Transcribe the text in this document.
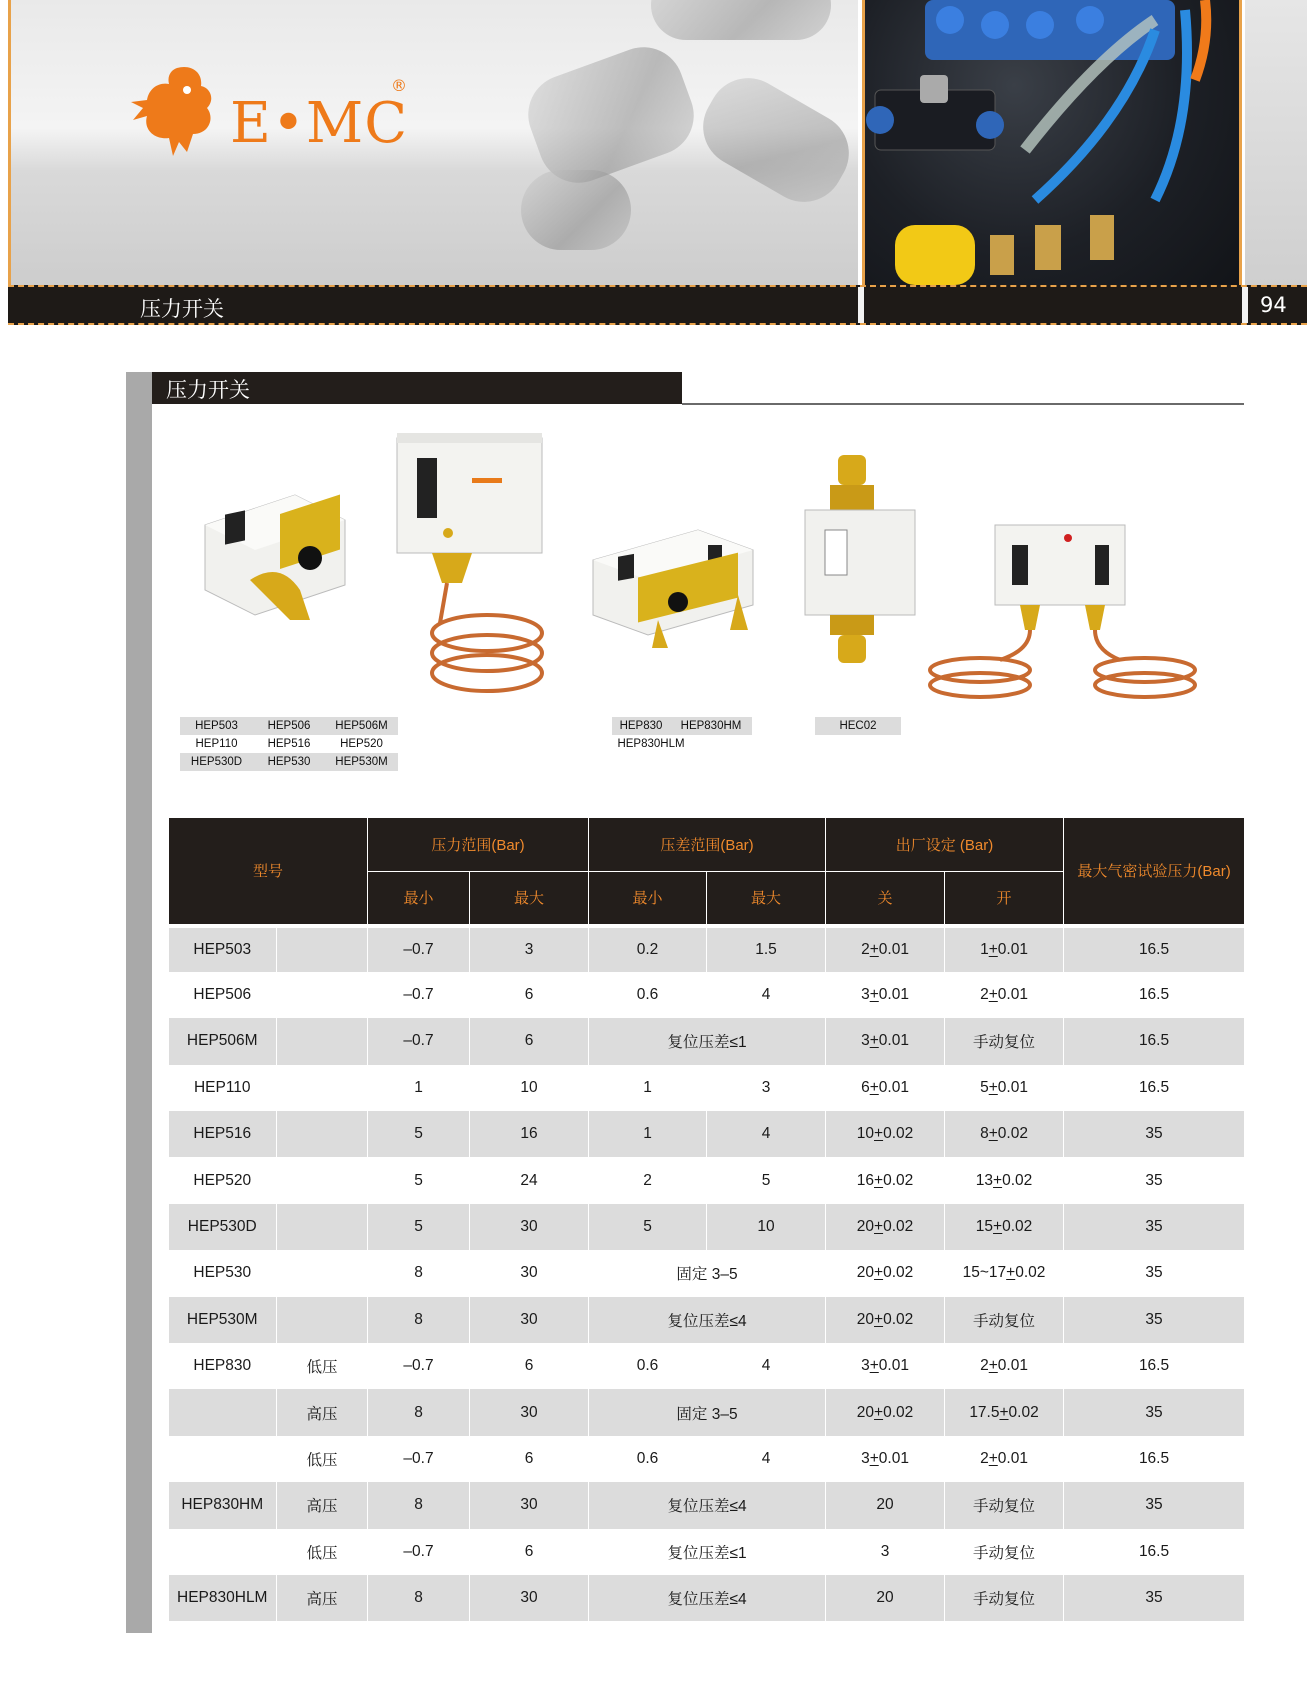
E•MC
®
压力开关	94
压力开关
HEP503	HEP506	HEP506M
HEP110	HEP516	HEP520
HEP530D	HEP530	HEP530M
HEP830	HEP830HM
HEP830HLM
HEC02
型号		压力范围(Bar)		压差范围(Bar)		出厂设定 (Bar)		最大气密试验压力(Bar)
		最小	最大	最小	最大	关	开	
HEP503		–0.7	3	0.2	1.5	2+0.01	1+0.01	16.5
HEP506		–0.7	6	0.6	4	3+0.01	2+0.01	16.5
HEP506M		–0.7	6	复位压差≤1		3+0.01	手动复位	16.5
HEP110		1	10	1	3	6+0.01	5+0.01	16.5
HEP516		5	16	1	4	10+0.02	8+0.02	35
HEP520		5	24	2	5	16+0.02	13+0.02	35
HEP530D		5	30	5	10	20+0.02	15+0.02	35
HEP530		8	30	固定 3–5		20+0.02	15~17+0.02	35
HEP530M		8	30	复位压差≤4		20+0.02	手动复位	35
HEP830	低压	–0.7	6	0.6	4	3+0.01	2+0.01	16.5
	高压	8	30	固定 3–5		20+0.02	17.5+0.02	35
	低压	–0.7	6	0.6	4	3+0.01	2+0.01	16.5
HEP830HM	高压	8	30	复位压差≤4		20	手动复位	35
	低压	–0.7	6	复位压差≤1		3	手动复位	16.5
HEP830HLM	高压	8	30	复位压差≤4		20	手动复位	35
